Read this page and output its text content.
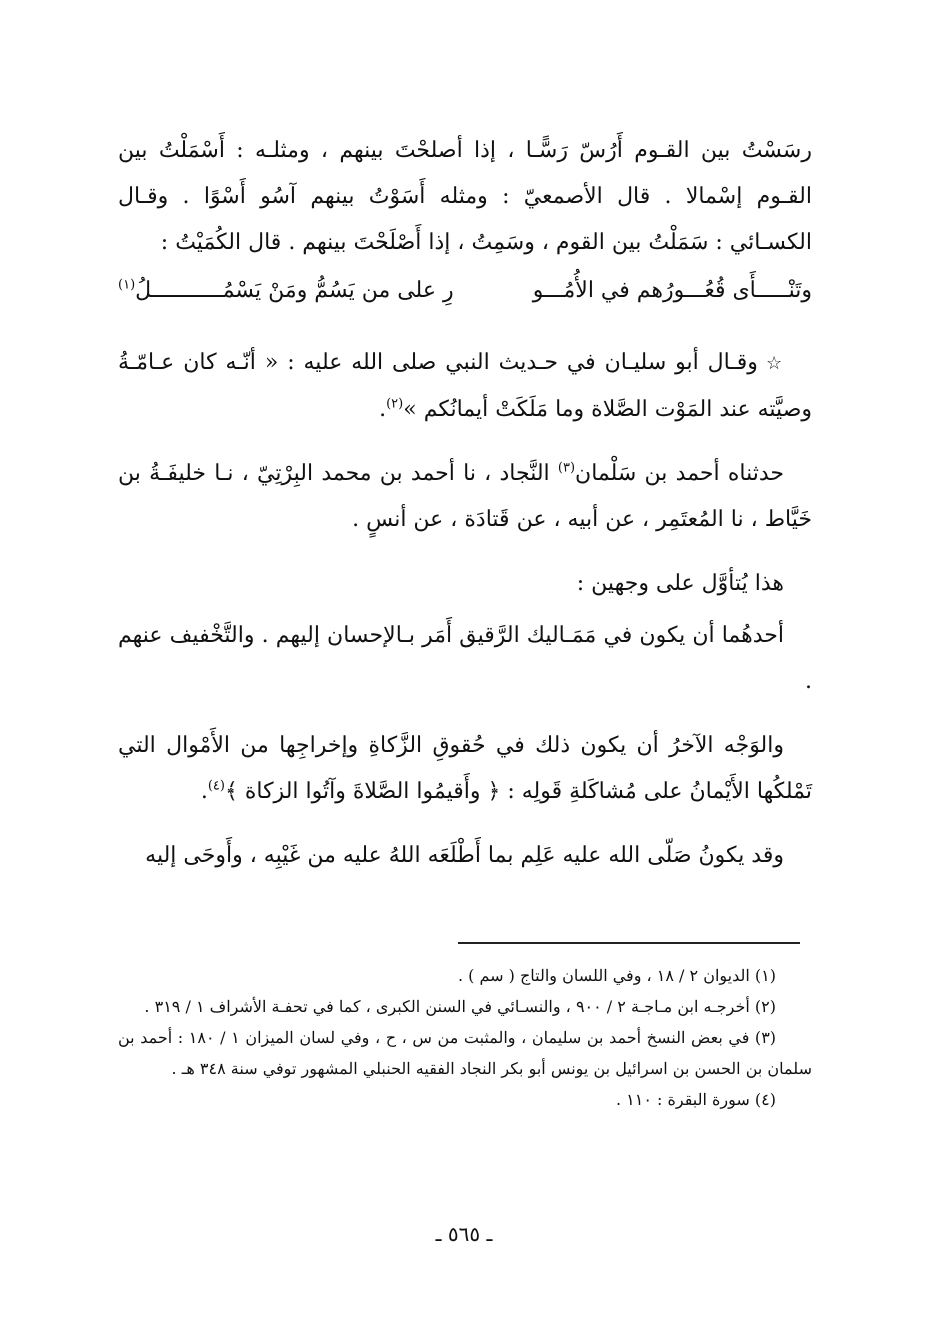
رسَسْتُ بين القـوم أَرُسّ رَسًّـا ، إذا أصلحْتَ بينهم ، ومثلـه : أَسْمَلْتُ بين القـوم إسْمالا . قال الأصمعيّ : ومثله أَسَوْتُ بينهم آسُو أَسْوًا . وقـال الكسـائي : سَمَلْتُ بين القوم ، وسَمِتُ ، إذا أَصْلَحْتَ بينهم . قال الكُمَيْتُ :

وتَنْـــــأَى قُعُـــورُهم في الأُمُـــو
رِ على من يَسُمُّ ومَنْ يَسْمُـــــــــــلُ$^{(١)}$

☆وقـال أبو سليـان في حـديث النبي صلى الله عليه : « أنّـه كان عـامّـةُ وصيَّته عند المَوْت الصَّلاة وما مَلَكَتْ أيمانُكم »$^{(٢)}$.

حدثناه أحمد بن سَلْمان$^{(٣)}$ النَّجاد ، نا أحمد بن محمد البِرْتِيّ ، نـا خليفَـةُ بن خَيَّاط ، نا المُعتَمِر ، عن أبيه ، عن قَتادَة ، عن أنسٍ .

هذا يُتأوَّل على وجهين :

أحدهُما أن يكون في مَمَـاليك الرَّقيق أَمَر بـالإحسان إليهم . والتَّخْفيف عنهم .

والوَجْه الآخرُ أن يكون ذلك في حُقوقِ الزَّكاةِ وإخراجِها من الأَمْوال التي تَمْلكُها الأَيْمانُ على مُشاكَلةِ قَولِه : ﴿ وأَقيمُوا الصَّلاةَ وآتُوا الزكاة ﴾$^{(٤)}$.

وقد يكونُ صَلّى الله عليه عَلِم بما أَطْلَعَه اللهُ عليه من غَيْبِه ، وأَوحَى إليه

(١) الديوان ٢ / ١٨ ، وفي اللسان والتاج ( سم ) .

(٢) أخرجـه ابن مـاجـة ٢ / ٩٠٠ ، والنسـائي في السنن الكبرى ، كما في تحفـة الأشراف ١ / ٣١٩ .

(٣) في بعض النسخ أحمد بن سليمان ، والمثبت من س ، ح ، وفي لسان الميزان ١ / ١٨٠ : أحمد بن سلمان بن الحسن بن اسرائيل بن يونس أبو بكر النجاد الفقيه الحنبلي المشهور توفي سنة ٣٤٨ هـ .

(٤) سورة البقرة : ١١٠ .

ـ ٥٦٥ ـ
